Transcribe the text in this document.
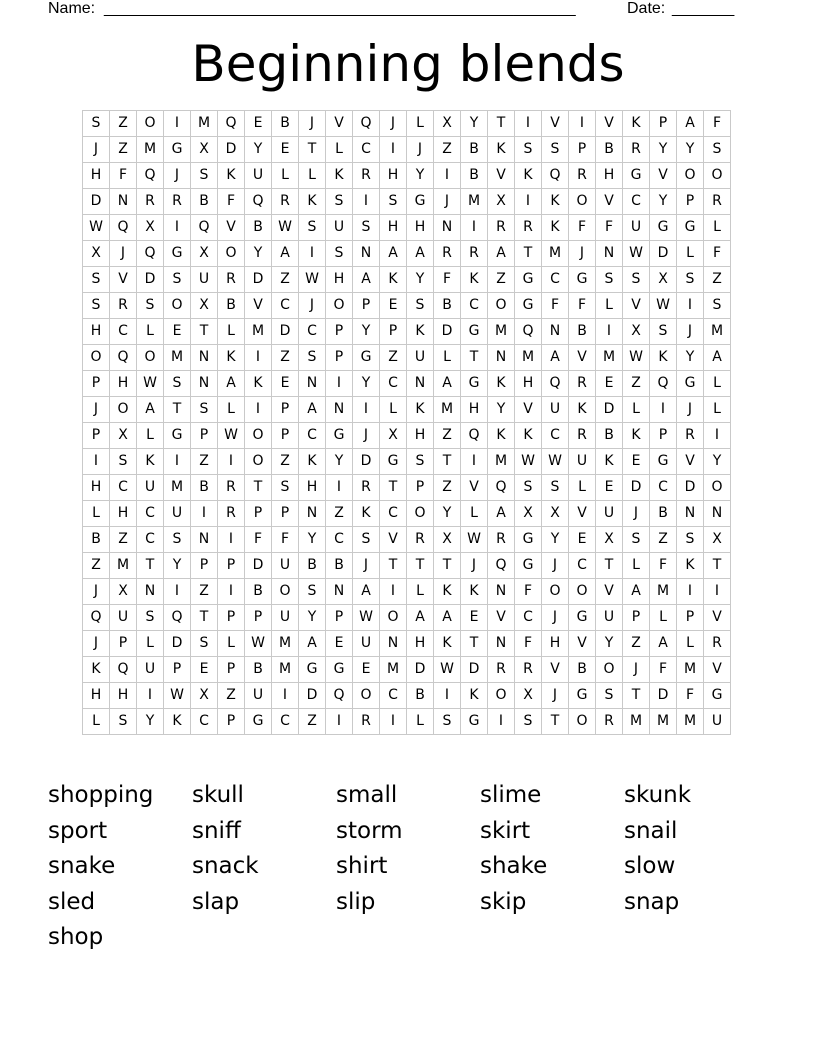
Name: _____________________________________________________	Date: _______
Beginning blends
S	Z	O	I	M	Q	E	B	J	V	Q	J	L	X	Y	T	I	V	I	V	K	P	A	F
J	Z	M	G	X	D	Y	E	T	L	C	I	J	Z	B	K	S	S	P	B	R	Y	Y	S
H	F	Q	J	S	K	U	L	L	K	R	H	Y	I	B	V	K	Q	R	H	G	V	O	O
D	N	R	R	B	F	Q	R	K	S	I	S	G	J	M	X	I	K	O	V	C	Y	P	R
W	Q	X	I	Q	V	B	W	S	U	S	H	H	N	I	R	R	K	F	F	U	G	G	L
X	J	Q	G	X	O	Y	A	I	S	N	A	A	R	R	A	T	M	J	N	W	D	L	F
S	V	D	S	U	R	D	Z	W	H	A	K	Y	F	K	Z	G	C	G	S	S	X	S	Z
S	R	S	O	X	B	V	C	J	O	P	E	S	B	C	O	G	F	F	L	V	W	I	S
H	C	L	E	T	L	M	D	C	P	Y	P	K	D	G	M	Q	N	B	I	X	S	J	M
O	Q	O	M	N	K	I	Z	S	P	G	Z	U	L	T	N	M	A	V	M	W	K	Y	A
P	H	W	S	N	A	K	E	N	I	Y	C	N	A	G	K	H	Q	R	E	Z	Q	G	L
J	O	A	T	S	L	I	P	A	N	I	L	K	M	H	Y	V	U	K	D	L	I	J	L
P	X	L	G	P	W	O	P	C	G	J	X	H	Z	Q	K	K	C	R	B	K	P	R	I
I	S	K	I	Z	I	O	Z	K	Y	D	G	S	T	I	M	W	W	U	K	E	G	V	Y
H	C	U	M	B	R	T	S	H	I	R	T	P	Z	V	Q	S	S	L	E	D	C	D	O
L	H	C	U	I	R	P	P	N	Z	K	C	O	Y	L	A	X	X	V	U	J	B	N	N
B	Z	C	S	N	I	F	F	Y	C	S	V	R	X	W	R	G	Y	E	X	S	Z	S	X
Z	M	T	Y	P	P	D	U	B	B	J	T	T	T	J	Q	G	J	C	T	L	F	K	T
J	X	N	I	Z	I	B	O	S	N	A	I	L	K	K	N	F	O	O	V	A	M	I	I
Q	U	S	Q	T	P	P	U	Y	P	W	O	A	A	E	V	C	J	G	U	P	L	P	V
J	P	L	D	S	L	W	M	A	E	U	N	H	K	T	N	F	H	V	Y	Z	A	L	R
K	Q	U	P	E	P	B	M	G	G	E	M	D	W	D	R	R	V	B	O	J	F	M	V
H	H	I	W	X	Z	U	I	D	Q	O	C	B	I	K	O	X	J	G	S	T	D	F	G
L	S	Y	K	C	P	G	C	Z	I	R	I	L	S	G	I	S	T	O	R	M	M	M	U
shopping	skull	small	slime	skunk
sport	sniff	storm	skirt	snail
snake	snack	shirt	shake	slow
sled	slap	slip	skip	snap
shop
